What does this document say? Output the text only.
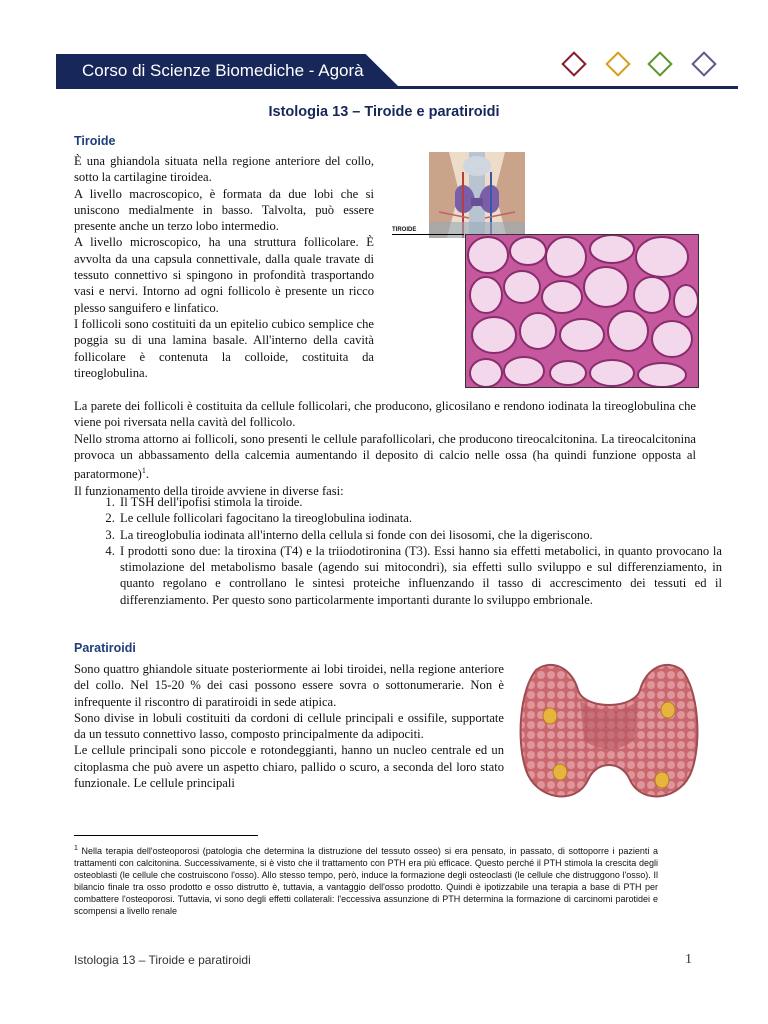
Corso di Scienze Biomediche - Agorà
Istologia 13 – Tiroide e paratiroidi
Tiroide

È una ghiandola situata nella regione anteriore del collo, sotto la cartilagine tiroidea.

A livello macroscopico, è formata da due lobi che si uniscono medialmente in basso. Talvolta, può essere presente anche un terzo lobo intermedio.

A livello microscopico, ha una struttura follicolare. È avvolta da una capsula connettivale, dalla quale travate di tessuto connettivo si spingono in profondità trasportando vasi e nervi. Intorno ad ogni follicolo è presente un ricco plesso sanguifero e linfatico.

I follicoli sono costituiti da un epitelio cubico semplice che poggia su di una lamina basale. All'interno della cavità follicolare è contenuta la colloide, costituita da tireoglobulina.

TIROIDE

La parete dei follicoli è costituita da cellule follicolari, che producono, glicosilano e rendono iodinata la tireoglobulina che viene poi riversata nella cavità del follicolo.

Nello stroma attorno ai follicoli, sono presenti le cellule parafollicolari, che producono tireocalcitonina. La tireocalcitonina provoca un abbassamento della calcemia aumentando il deposito di calcio nelle ossa (ha quindi funzione opposta al paratormone)$^1$.

Il funzionamento della tiroide avviene in diverse fasi:

1. Il TSH dell'ipofisi stimola la tiroide.
2. Le cellule follicolari fagocitano la tireoglobulina iodinata.
3. La tireoglobulia iodinata all'interno della cellula si fonde con dei lisosomi, che la digeriscono.
4. I prodotti sono due: la tiroxina (T4) e la triiodotironina (T3). Essi hanno sia effetti metabolici, in quanto provocano la stimolazione del metabolismo basale (agendo sui mitocondri), sia effetti sullo sviluppo e sul differenziamento, in quanto regolano e controllano le sintesi proteiche influenzando il tasso di accrescimento dei tessuti ed il differenziamento. Per questo sono particolarmente importanti durante lo sviluppo embrionale.
Paratiroidi

Sono quattro ghiandole situate posteriormente ai lobi tiroidei, nella regione anteriore del collo. Nel 15-20 % dei casi possono essere sovra o sottonumerarie. Non è infrequente il riscontro di paratiroidi in sede atipica.

Sono divise in lobuli costituiti da cordoni di cellule principali e ossifile, supportate da un tessuto connettivo lasso, composto principalmente da adipociti.

Le cellule principali sono piccole e rotondeggianti, hanno un nucleo centrale ed un citoplasma che può avere un aspetto chiaro, pallido o scuro, a seconda del loro stato funzionale. Le cellule principali

$^1$ Nella terapia dell'osteoporosi (patologia che determina la distruzione del tessuto osseo) si era pensato, in passato, di sottoporre i pazienti a trattamenti con calcitonina. Successivamente, si è visto che il trattamento con PTH era più efficace. Questo perché il PTH stimola la crescita degli osteoblasti (le cellule che costruiscono l'osso). Allo stesso tempo, però, induce la formazione degli osteoclasti (le cellule che distruggono l'osso). Il bilancio finale tra osso prodotto e osso distrutto è, tuttavia, a vantaggio dell'osso prodotto. Quindi è ipotizzabile una terapia a base di PTH per combattere l'osteoporosi. Tuttavia, vi sono degli effetti collaterali: l'eccessiva assunzione di PTH determina la formazione di carcinomi parotidei e scompensi a livello renale
Istologia 13 – Tiroide e paratiroidi	1
